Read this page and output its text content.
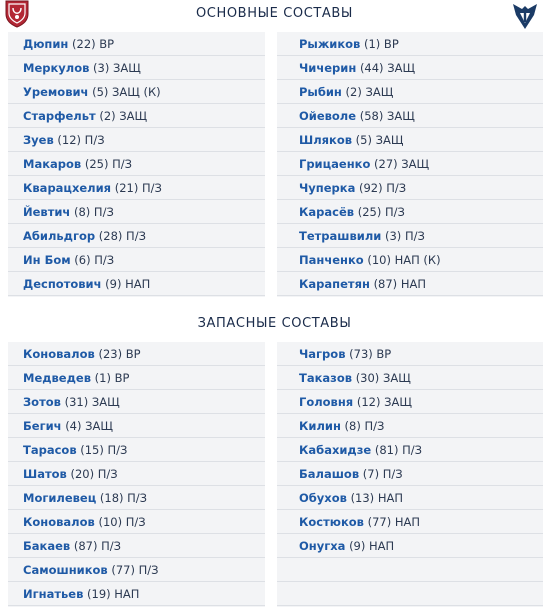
ОСНОВНЫЕ СОСТАВЫ
Дюпин (22) ВР
Меркулов (3) ЗАЩ
Уремович (5) ЗАЩ (К)
Старфельт (2) ЗАЩ
Зуев (12) П/З
Макаров (25) П/З
Кварацхелия (21) П/З
Йевтич (8) П/З
Абильдгор (28) П/З
Ин Бом (6) П/З
Деспотович (9) НАП
Рыжиков (1) ВР
Чичерин (44) ЗАЩ
Рыбин (2) ЗАЩ
Ойеволе (58) ЗАЩ
Шляков (5) ЗАЩ
Грицаенко (27) ЗАЩ
Чуперка (92) П/З
Карасёв (25) П/З
Тетрашвили (3) П/З
Панченко (10) НАП (К)
Карапетян (87) НАП
ЗАПАСНЫЕ СОСТАВЫ
Коновалов (23) ВР
Медведев (1) ВР
Зотов (31) ЗАЩ
Бегич (4) ЗАЩ
Тарасов (15) П/З
Шатов (20) П/З
Могилевец (18) П/З
Коновалов (10) П/З
Бакаев (87) П/З
Самошников (77) П/З
Игнатьев (19) НАП
Чагров (73) ВР
Таказов (30) ЗАЩ
Головня (12) ЗАЩ
Килин (8) П/З
Кабахидзе (81) П/З
Балашов (7) П/З
Обухов (13) НАП
Костюков (77) НАП
Онугха (9) НАП
